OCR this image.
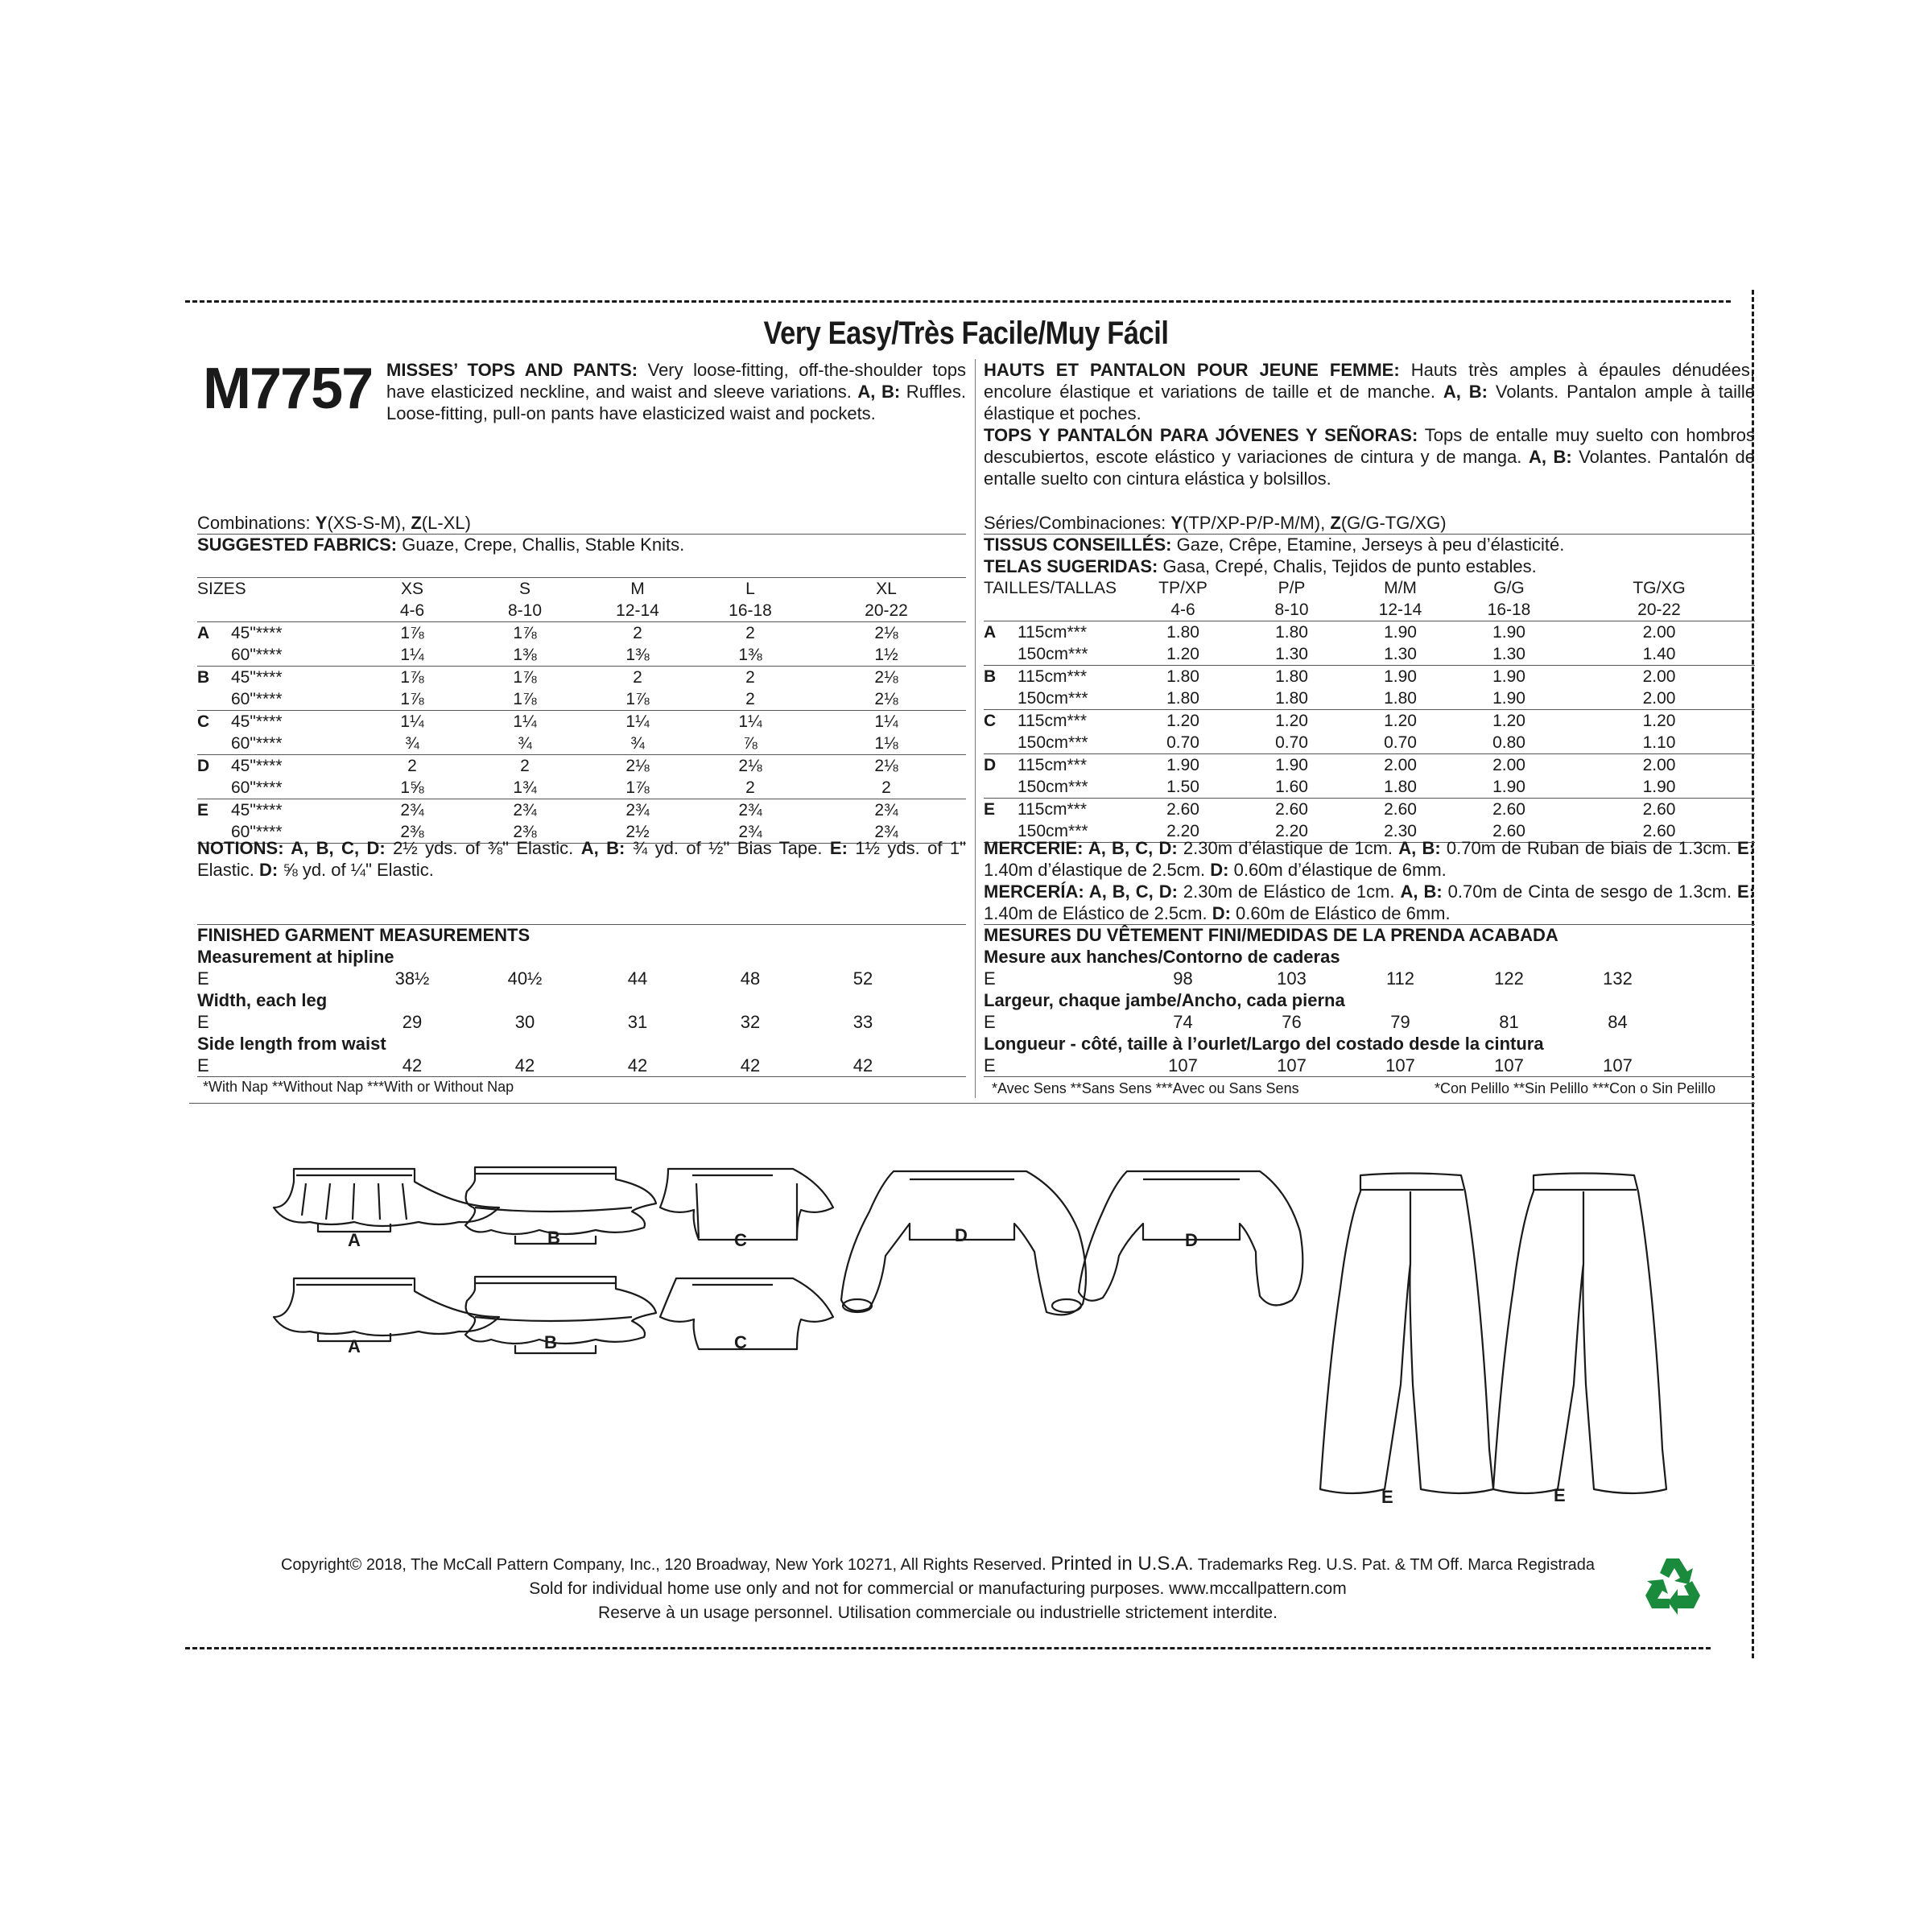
Very Easy/Très Facile/Muy Fácil
M7757 MISSES’ TOPS AND PANTS: Very loose-fitting, off-the-shoulder tops have elasticized neckline, and waist and sleeve variations. A, B: Ruffles. Loose-fitting, pull-on pants have elasticized waist and pockets.
HAUTS ET PANTALON POUR JEUNE FEMME: Hauts très amples à épaules dénudées, encolure élastique et variations de taille et de manche. A, B: Volants. Pantalon ample à taille élastique et poches.
TOPS Y PANTALÓN PARA JÓVENES Y SEÑORAS: Tops de entalle muy suelto con hombros descubiertos, escote elástico y variaciones de cintura y de manga. A, B: Volantes. Pantalón de entalle suelto con cintura elástica y bolsillos.
Combinations: Y(XS-S-M), Z(L-XL)
SUGGESTED FABRICS: Guaze, Crepe, Challis, Stable Knits.
Séries/Combinaciones: Y(TP/XP-P/P-M/M), Z(G/G-TG/XG)
TISSUS CONSEILLÉS: Gaze, Crêpe, Etamine, Jerseys à peu d’élasticité.
TELAS SUGERIDAS: Gasa, Crepé, Chalis, Tejidos de punto estables.
SIZES		XS	S	M	L	XL	
		4-6	8-10	12-14	16-18	20-22	
A	45"****	1⅞	1⅞	2	2	2⅛	
	60"****	1¼	1⅜	1⅜	1⅜	1½	
B	45"****	1⅞	1⅞	2	2	2⅛	
	60"****	1⅞	1⅞	1⅞	2	2⅛	
C	45"****	1¼	1¼	1¼	1¼	1¼	
	60"****	¾	¾	¾	⅞	1⅛	
D	45"****	2	2	2⅛	2⅛	2⅛	
	60"****	1⅝	1¾	1⅞	2	2	
E	45"****	2¾	2¾	2¾	2¾	2¾	
	60"****	2⅜	2⅜	2½	2¾	2¾	
TAILLES/TALLAS		TP/XP	P/P	M/M	G/G	TG/XG	
		4-6	8-10	12-14	16-18	20-22	
A	115cm***	1.80	1.80	1.90	1.90	2.00	
	150cm***	1.20	1.30	1.30	1.30	1.40	
B	115cm***	1.80	1.80	1.90	1.90	2.00	
	150cm***	1.80	1.80	1.80	1.90	2.00	
C	115cm***	1.20	1.20	1.20	1.20	1.20	
	150cm***	0.70	0.70	0.70	0.80	1.10	
D	115cm***	1.90	1.90	2.00	2.00	2.00	
	150cm***	1.50	1.60	1.80	1.90	1.90	
E	115cm***	2.60	2.60	2.60	2.60	2.60	
	150cm***	2.20	2.20	2.30	2.60	2.60	
NOTIONS: A, B, C, D: 2½ yds. of ⅜" Elastic. A, B: ¾ yd. of ½" Bias Tape. E: 1½ yds. of 1" Elastic. D: ⅝ yd. of ¼" Elastic.
MERCERIE: A, B, C, D: 2.30m d’élastique de 1cm. A, B: 0.70m de Ruban de biais de 1.3cm. E: 1.40m d’élastique de 2.5cm. D: 0.60m d’élastique de 6mm.
MERCERÍA: A, B, C, D: 2.30m de Elástico de 1cm. A, B: 0.70m de Cinta de sesgo de 1.3cm. E: 1.40m de Elástico de 2.5cm. D: 0.60m de Elástico de 6mm.
FINISHED GARMENT MEASUREMENTS
Measurement at hipline
E	38½	40½	44	48	52
Width, each leg
E	29	30	31	32	33
Side length from waist
E	42	42	42	42	42
MESURES DU VÊTEMENT FINI/MEDIDAS DE LA PRENDA ACABADA
Mesure aux hanches/Contorno de caderas
E	98	103	112	122	132
Largeur, chaque jambe/Ancho, cada pierna
E	74	76	79	81	84
Longueur - côté, taille à l’ourlet/Largo del costado desde la cintura
E	107	107	107	107	107
*With Nap **Without Nap ***With or Without Nap	*Avec Sens **Sans Sens ***Avec ou Sans Sens	*Con Pelillo **Sin Pelillo ***Con o Sin Pelillo
A	B	C	D	D
A	B	C
E	E
Copyright© 2018, The McCall Pattern Company, Inc., 120 Broadway, New York 10271, All Rights Reserved. Printed in U.S.A. Trademarks Reg. U.S. Pat. & TM Off. Marca Registrada
Sold for individual home use only and not for commercial or manufacturing purposes. www.mccallpattern.com
Reserve à un usage personnel. Utilisation commerciale ou industrielle strictement interdite.
